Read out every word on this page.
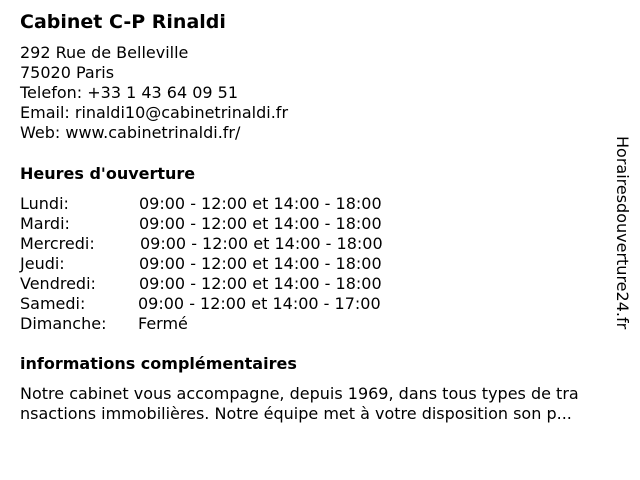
Cabinet C-P Rinaldi
292 Rue de Belleville
75020 Paris
Telefon: +33 1 43 64 09 51
Email: rinaldi10@cabinetrinaldi.fr
Web: www.cabinetrinaldi.fr/
Heures d'ouverture
Lundi:	09:00 - 12:00 et 14:00 - 18:00
Mardi:	09:00 - 12:00 et 14:00 - 18:00
Mercredi:	09:00 - 12:00 et 14:00 - 18:00
Jeudi:	09:00 - 12:00 et 14:00 - 18:00
Vendredi:	09:00 - 12:00 et 14:00 - 18:00
Samedi:	09:00 - 12:00 et 14:00 - 17:00
Dimanche: Fermé
informations complémentaires
Notre cabinet vous accompagne, depuis 1969, dans tous types de tra
nsactions immobilières. Notre équipe met à votre disposition son p...
Horairesdouverture24.fr
